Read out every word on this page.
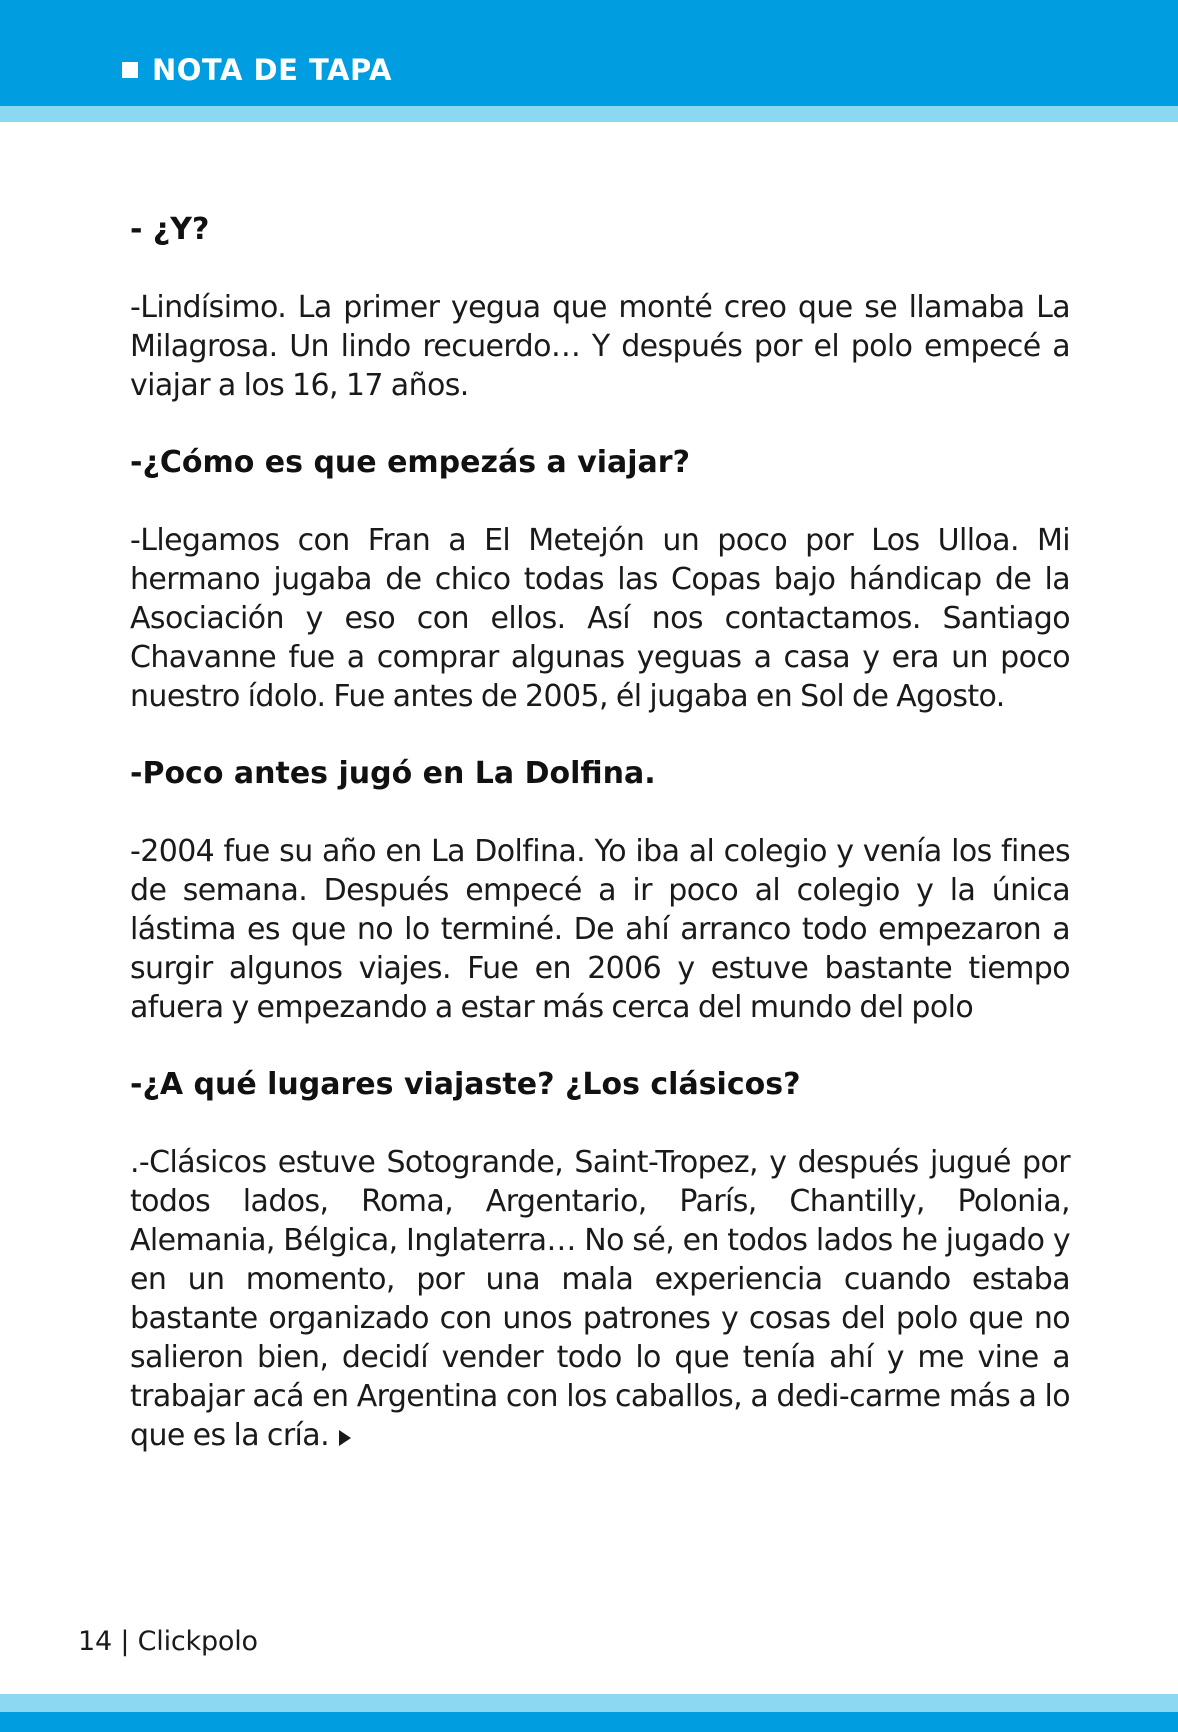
NOTA DE TAPA

- ¿Y?

-Lindísimo. La primer yegua que monté creo que se llamaba La Milagrosa. Un lindo recuerdo… Y después por el polo empecé a viajar a los 16, 17 años.

-¿Cómo es que empezás a viajar?

-Llegamos con Fran a El Metejón un poco por Los Ulloa. Mi hermano jugaba de chico todas las Copas bajo hándicap de la Asociación y eso con ellos. Así nos contactamos. Santiago Chavanne fue a comprar algunas yeguas a casa y era un poco nuestro ídolo. Fue antes de 2005, él jugaba en Sol de Agosto.

-Poco antes jugó en La Dolfina.

-2004 fue su año en La Dolfina. Yo iba al colegio y venía los fines de semana. Después empecé a ir poco al colegio y la única lástima es que no lo terminé. De ahí arranco todo empezaron a surgir algunos viajes. Fue en 2006 y estuve bastante tiempo afuera y empezando a estar más cerca del mundo del polo

-¿A qué lugares viajaste? ¿Los clásicos?

.-Clásicos estuve Sotogrande, Saint-Tropez, y después jugué por todos lados, Roma, Argentario, París, Chantilly, Polonia, Alemania, Bélgica, Inglaterra… No sé, en todos lados he jugado y en un momento, por una mala experiencia cuando estaba bastante organizado con unos patrones y cosas del polo que no salieron bien, decidí vender todo lo que tenía ahí y me vine a trabajar acá en Argentina con los caballos, a dedi-carme más a lo que es la cría.

14 | Clickpolo
